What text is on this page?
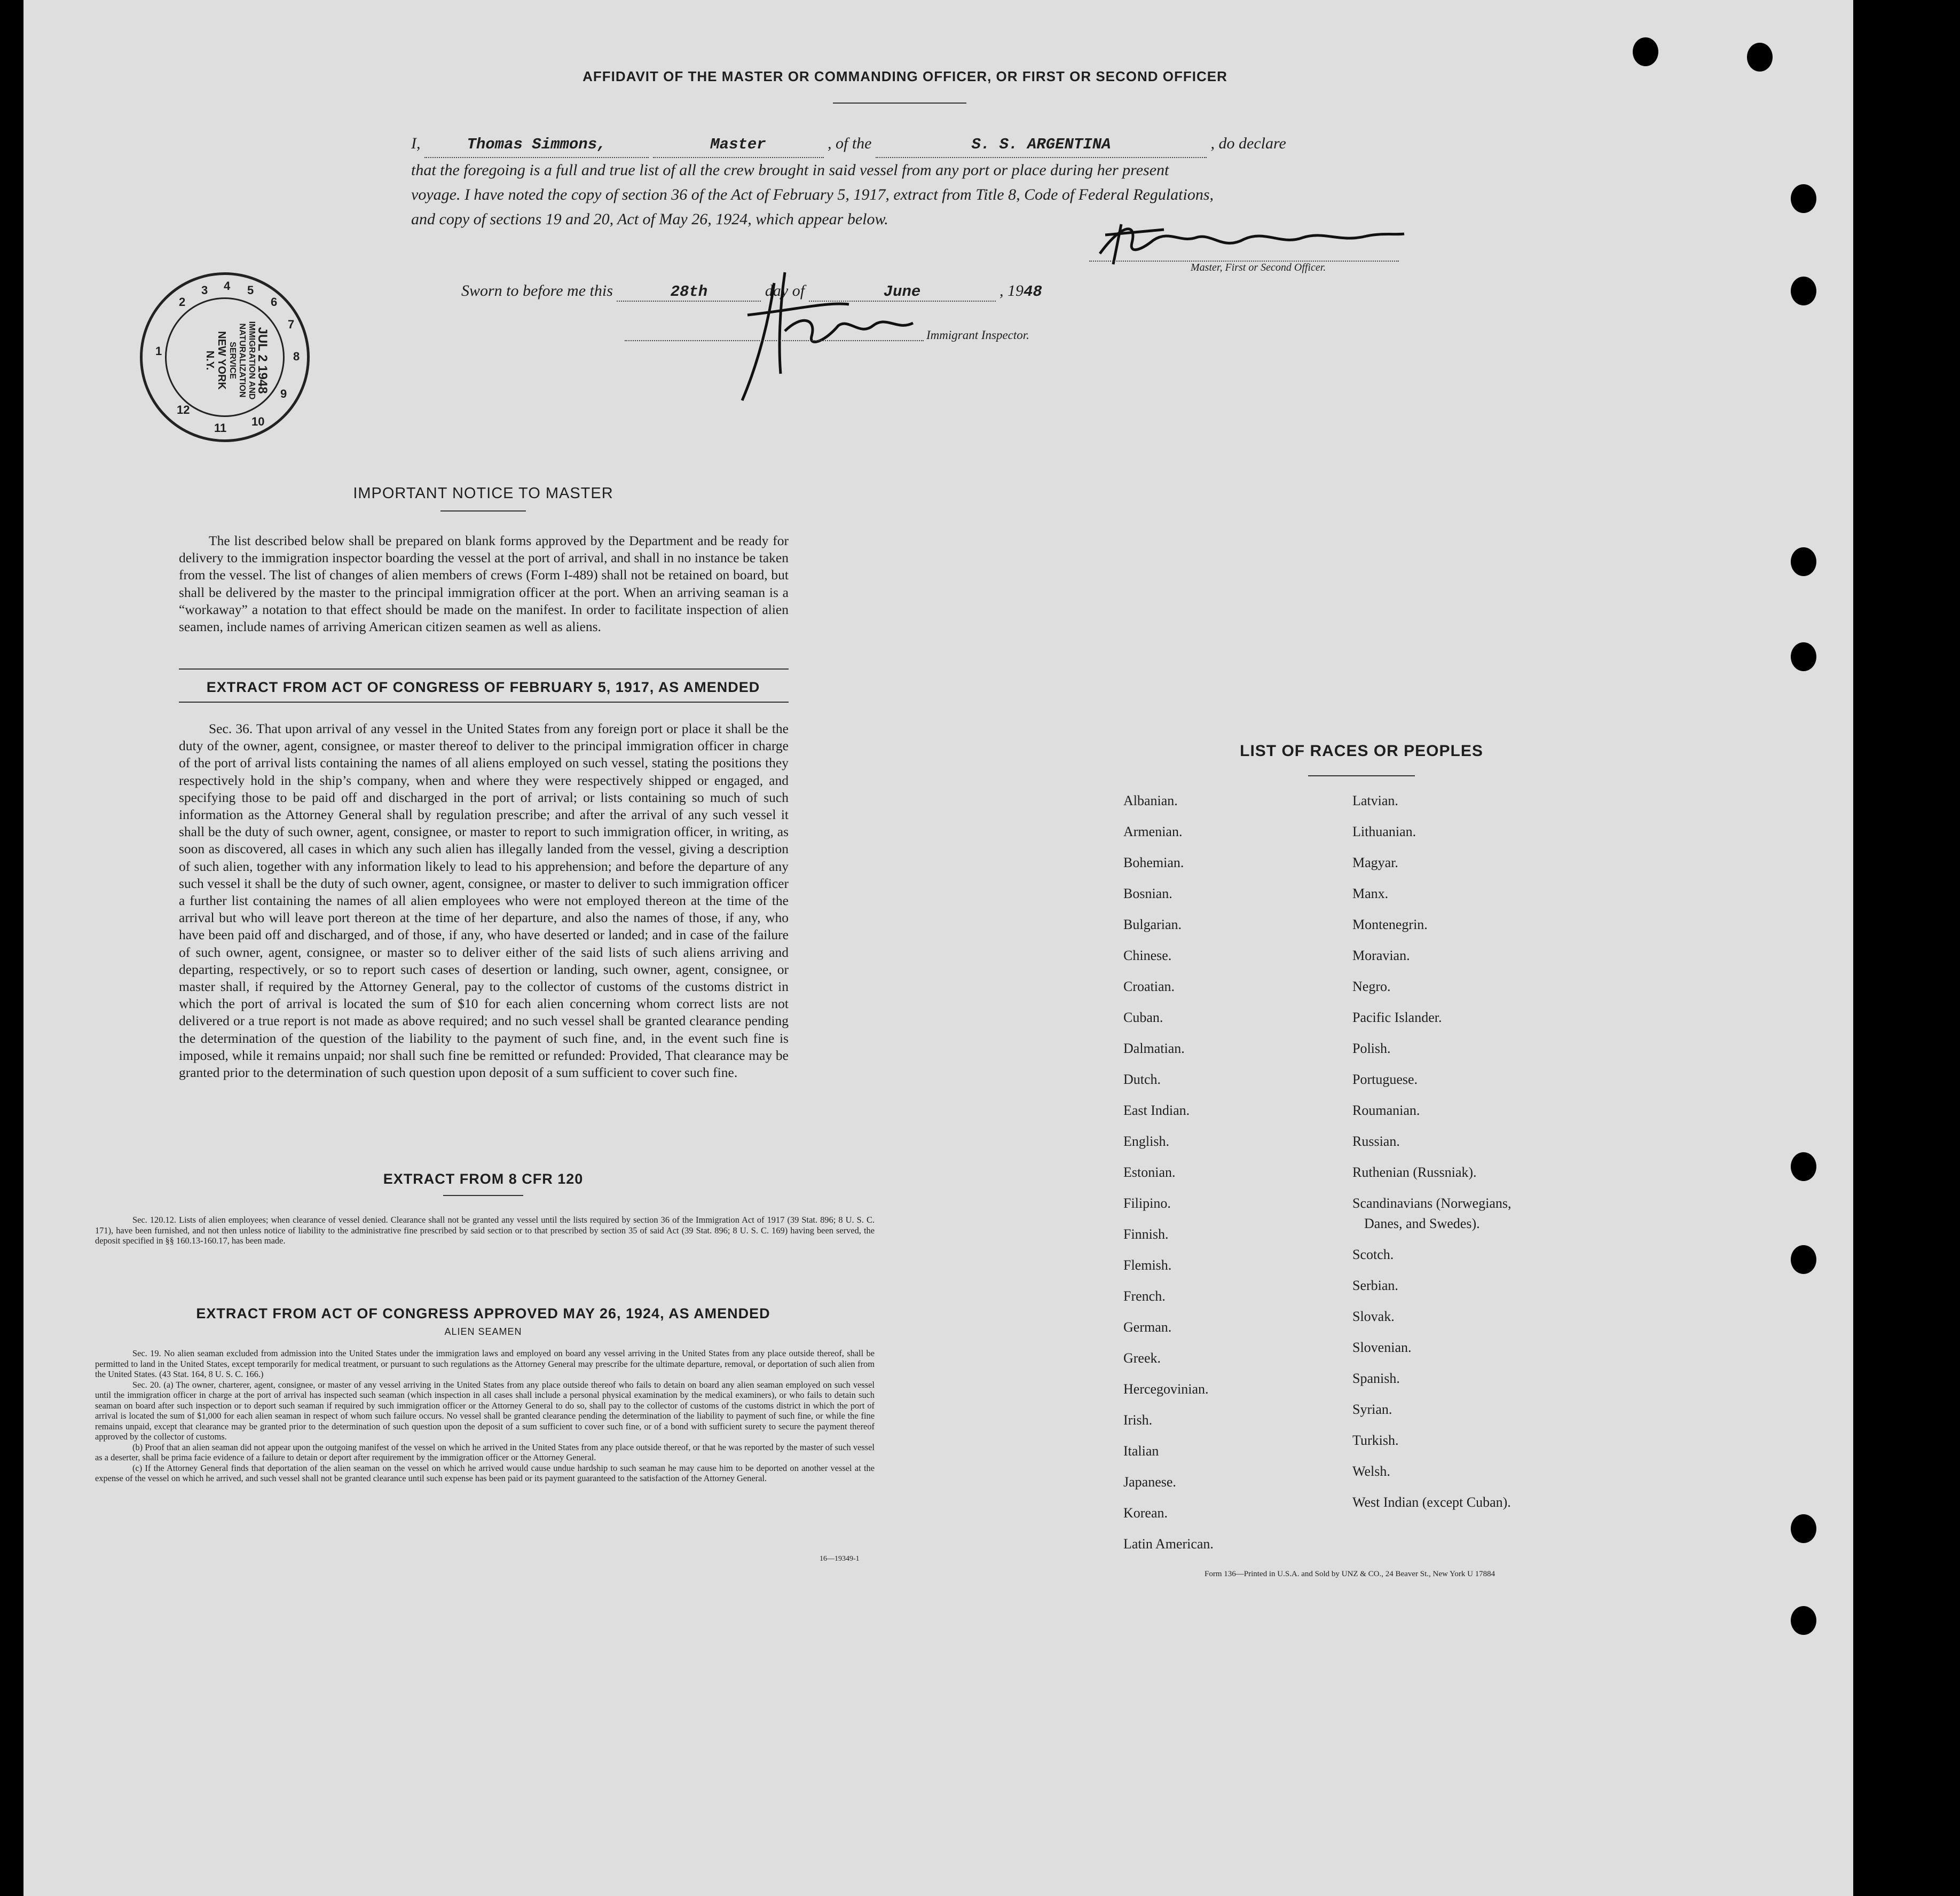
AFFIDAVIT OF THE MASTER OR COMMANDING OFFICER, OR FIRST OR SECOND OFFICER
I,	Thomas Simmons,	Master	, of the	S. S. ARGENTINA	, do declare
that the foregoing is a full and true list of all the crew brought in said vessel from any port or place during her present
voyage. I have noted the copy of section 36 of the Act of February 5, 1917, extract from Title 8, Code of Federal Regulations,
and copy of sections 19 and 20, Act of May 26, 1924, which appear below.
Master, First or Second Officer.
Sworn to before me this	28th	day of	June	, 1948
Immigrant Inspector.
2
3 4 5
6
7
8
9
10
11
12
1	JUL 2 1948
IMMIGRATION AND NATURALIZATION SERVICE
NEW YORK
N.Y.
IMPORTANT NOTICE TO MASTER
The list described below shall be prepared on blank forms approved by the Department and be ready for delivery to the immigration inspector boarding the vessel at the port of arrival, and shall in no instance be taken from the vessel. The list of changes of alien members of crews (Form I-489) shall not be retained on board, but shall be delivered by the master to the principal immigration officer at the port. When an arriving seaman is a “workaway” a notation to that effect should be made on the manifest. In order to facilitate inspection of alien seamen, include names of arriving American citizen seamen as well as aliens.
EXTRACT FROM ACT OF CONGRESS OF FEBRUARY 5, 1917, AS AMENDED
Sec. 36. That upon arrival of any vessel in the United States from any foreign port or place it shall be the duty of the owner, agent, consignee, or master thereof to deliver to the principal immigration officer in charge of the port of arrival lists containing the names of all aliens employed on such vessel, stating the positions they respectively hold in the ship’s company, when and where they were respectively shipped or engaged, and specifying those to be paid off and discharged in the port of arrival; or lists containing so much of such information as the Attorney General shall by regulation prescribe; and after the arrival of any such vessel it shall be the duty of such owner, agent, consignee, or master to report to such immigration officer, in writing, as soon as discovered, all cases in which any such alien has illegally landed from the vessel, giving a description of such alien, together with any information likely to lead to his apprehension; and before the departure of any such vessel it shall be the duty of such owner, agent, consignee, or master to deliver to such immigration officer a further list containing the names of all alien employees who were not employed thereon at the time of the arrival but who will leave port thereon at the time of her departure, and also the names of those, if any, who have been paid off and discharged, and of those, if any, who have deserted or landed; and in case of the failure of such owner, agent, consignee, or master so to deliver either of the said lists of such aliens arriving and departing, respectively, or so to report such cases of desertion or landing, such owner, agent, consignee, or master shall, if required by the Attorney General, pay to the collector of customs of the customs district in which the port of arrival is located the sum of $10 for each alien concerning whom correct lists are not delivered or a true report is not made as above required; and no such vessel shall be granted clearance pending the determination of the question of the liability to the payment of such fine, and, in the event such fine is imposed, while it remains unpaid; nor shall such fine be remitted or refunded: Provided, That clearance may be granted prior to the determination of such question upon deposit of a sum sufficient to cover such fine.
EXTRACT FROM 8 CFR 120
Sec. 120.12. Lists of alien employees; when clearance of vessel denied. Clearance shall not be granted any vessel until the lists required by section 36 of the Immigration Act of 1917 (39 Stat. 896; 8 U. S. C. 171), have been furnished, and not then unless notice of liability to the administrative fine prescribed by said section or to that prescribed by section 35 of said Act (39 Stat. 896; 8 U. S. C. 169) having been served, the deposit specified in §§ 160.13-160.17, has been made.
EXTRACT FROM ACT OF CONGRESS APPROVED MAY 26, 1924, AS AMENDED
ALIEN SEAMEN
Sec. 19. No alien seaman excluded from admission into the United States under the immigration laws and employed on board any vessel arriving in the United States from any place outside thereof, shall be permitted to land in the United States, except temporarily for medical treatment, or pursuant to such regulations as the Attorney General may prescribe for the ultimate departure, removal, or deportation of such alien from the United States. (43 Stat. 164, 8 U. S. C. 166.)
Sec. 20. (a) The owner, charterer, agent, consignee, or master of any vessel arriving in the United States from any place outside thereof who fails to detain on board any alien seaman employed on such vessel until the immigration officer in charge at the port of arrival has inspected such seaman (which inspection in all cases shall include a personal physical examination by the medical examiners), or who fails to detain such seaman on board after such inspection or to deport such seaman if required by such immigration officer or the Attorney General to do so, shall pay to the collector of customs of the customs district in which the port of arrival is located the sum of $1,000 for each alien seaman in respect of whom such failure occurs. No vessel shall be granted clearance pending the determination of the liability to payment of such fine, or while the fine remains unpaid, except that clearance may be granted prior to the determination of such question upon the deposit of a sum sufficient to cover such fine, or of a bond with sufficient surety to secure the payment thereof approved by the collector of customs.
(b) Proof that an alien seaman did not appear upon the outgoing manifest of the vessel on which he arrived in the United States from any place outside thereof, or that he was reported by the master of such vessel as a deserter, shall be prima facie evidence of a failure to detain or deport after requirement by the immigration officer or the Attorney General.
(c) If the Attorney General finds that deportation of the alien seaman on the vessel on which he arrived would cause undue hardship to such seaman he may cause him to be deported on another vessel at the expense of the vessel on which he arrived, and such vessel shall not be granted clearance until such expense has been paid or its payment guaranteed to the satisfaction of the Attorney General.
16—19349-1
LIST OF RACES OR PEOPLES
Albanian.
Armenian.
Bohemian.
Bosnian.
Bulgarian.
Chinese.
Croatian.
Cuban.
Dalmatian.
Dutch.
East Indian.
English.
Estonian.
Filipino.
Finnish.
Flemish.
French.
German.
Greek.
Hercegovinian.
Irish.
Italian
Japanese.
Korean.
Latin American.
Latvian.
Lithuanian.
Magyar.
Manx.
Montenegrin.
Moravian.
Negro.
Pacific Islander.
Polish.
Portuguese.
Roumanian.
Russian.
Ruthenian (Russniak).
Scandinavians (Norwegians,
Danes, and Swedes).
Scotch.
Serbian.
Slovak.
Slovenian.
Spanish.
Syrian.
Turkish.
Welsh.
West Indian (except Cuban).
Form 136—Printed in U.S.A. and Sold by UNZ & CO., 24 Beaver St., New York U 17884
